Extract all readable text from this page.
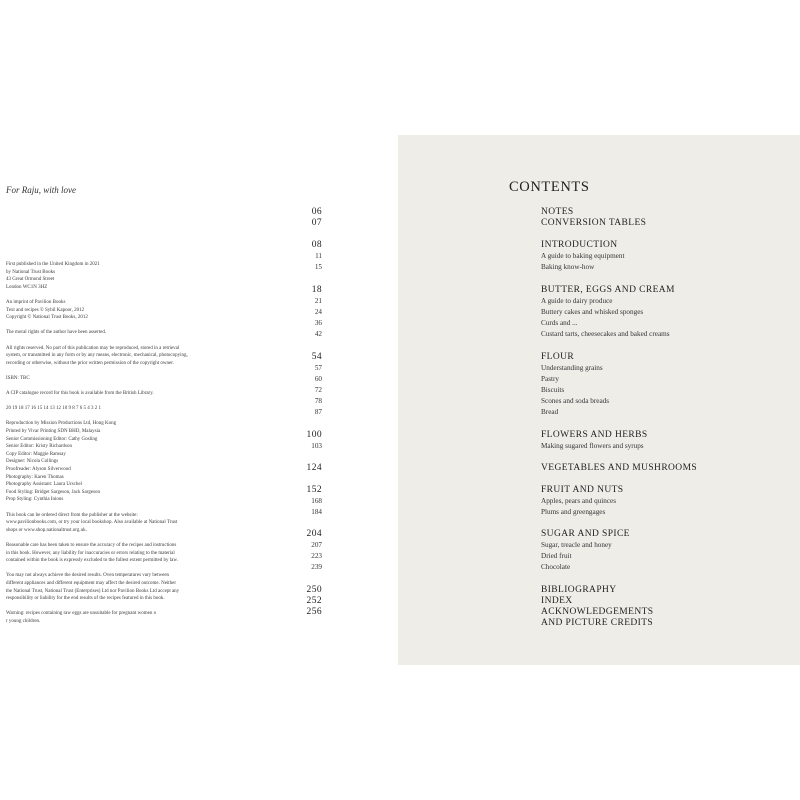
For Raju, with love
First published in the United Kingdom in 2021
by National Trust Books
43 Great Ormond Street
London WC1N 3HZ
An imprint of Pavilion Books
Text and recipes © Sybil Kapoor, 2012
Copyright © National Trust Books, 2012
The moral rights of the author have been asserted.
All rights reserved. No part of this publication may be reproduced, stored in a retrieval
system, or transmitted in any form or by any means, electronic, mechanical, photocopying,
recording or otherwise, without the prior written permission of the copyright owner.
ISBN: TBC
A CIP catalogue record for this book is available from the British Library.
20 19 18 17 16 15 14 13 12 10 9 8 7 6 5 4 3 2 1
Reproduction by Mission Productions Ltd, Hong Kong
Printed by Vivar Printing SDN BHD, Malaysia
Senior Commissioning Editor: Cathy Gosling
Senior Editor: Kristy Richardson
Copy Editor: Maggie Ramsay
Designer: Nicola Collings
Proofreader: Alyson Silverwood
Photography: Karen Thomas
Photography Assistant: Laura Urschel
Food Styling: Bridget Sargeson, Jack Sargeson
Prop Styling: Cynthia Inions
This book can be ordered direct from the publisher at the website:
www.pavilionbooks.com, or try your local bookshop. Also available at National Trust
shops or www.shop.nationaltrust.org.uk.
Reasonable care has been taken to ensure the accuracy of the recipes and instructions
in this book. However, any liability for inaccuracies or errors relating to the material
contained within the book is expressly excluded to the fullest extent permitted by law.
You may not always achieve the desired results. Oven temperatures vary between
different appliances and different equipment may affect the desired outcome. Neither
the National Trust, National Trust (Enterprises) Ltd nor Pavilion Books Ltd accept any
responsibility or liability for the end results of the recipes featured in this book.
Warning: recipes containing raw eggs are unsuitable for pregnant women o
r young children.
CONTENTS
06	NOTES
07	CONVERSION TABLES
08	INTRODUCTION
11	A guide to baking equipment
15	Baking know-how
18	BUTTER, EGGS AND CREAM
21	A guide to dairy produce
24	Buttery cakes and whisked sponges
36	Curds and ...
42	Custard tarts, cheesecakes and baked creams
54	FLOUR
57	Understanding grains
60	Pastry
72	Biscuits
78	Scones and soda breads
87	Bread
100	FLOWERS AND HERBS
103	Making sugared flowers and syrups
124	VEGETABLES AND MUSHROOMS
152	FRUIT AND NUTS
168	Apples, pears and quinces
184	Plums and greengages
204	SUGAR AND SPICE
207	Sugar, treacle and honey
223	Dried fruit
239	Chocolate
250	BIBLIOGRAPHY
252	INDEX
256	ACKNOWLEDGEMENTS
AND PICTURE CREDITS
